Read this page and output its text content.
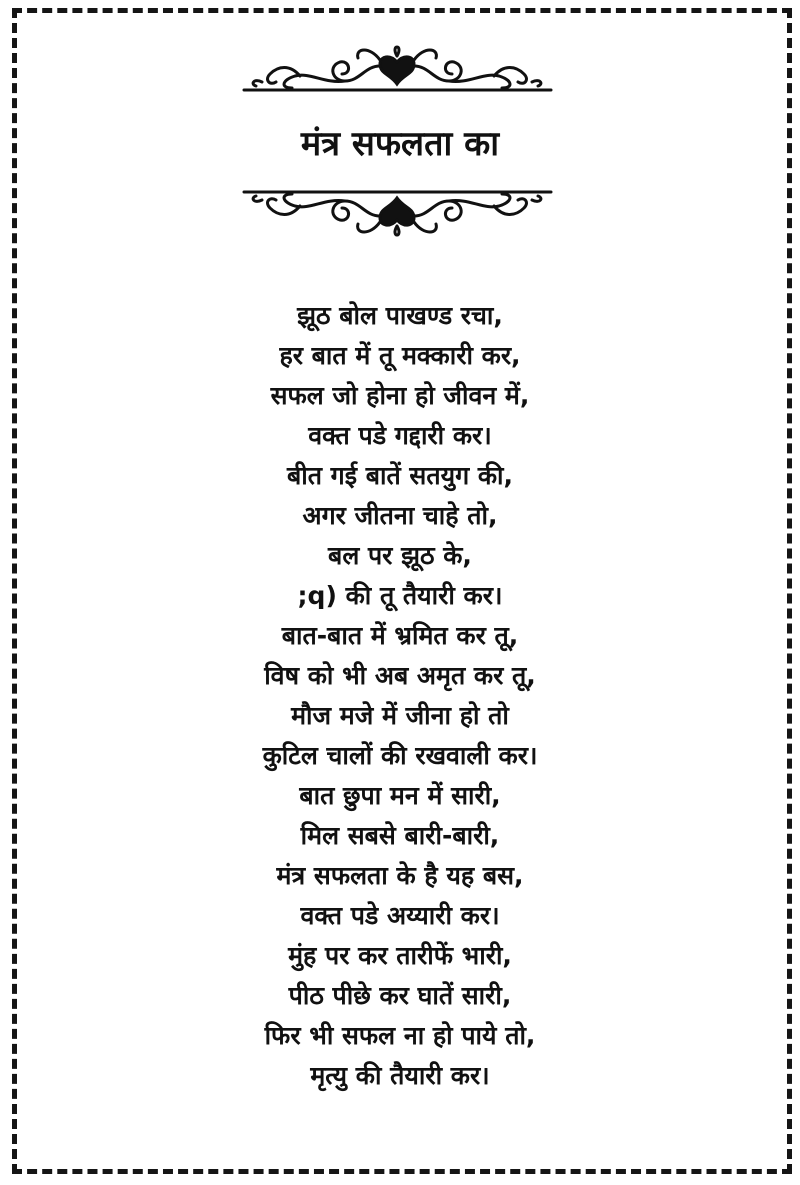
मंत्र सफलता का
झूठ बोल पाखण्ड रचा,
हर बात में तू मक्कारी कर,
सफल जो होना हो जीवन में,
वक्त पडे गद्दारी कर।
बीत गई बातें सतयुग की,
अगर जीतना चाहे तो,
बल पर झूठ के,
;q) की तू तैयारी कर।
बात-बात में भ्रमित कर तू,
विष को भी अब अमृत कर तू,
मौज मजे में जीना हो तो
कुटिल चालों की रखवाली कर।
बात छुपा मन में सारी,
मिल सबसे बारी-बारी,
मंत्र सफलता के है यह बस,
वक्त पडे अय्यारी कर।
मुंह पर कर तारीफें भारी,
पीठ पीछे कर घातें सारी,
फिर भी सफल ना हो पाये तो,
मृत्यु की तैयारी कर।
